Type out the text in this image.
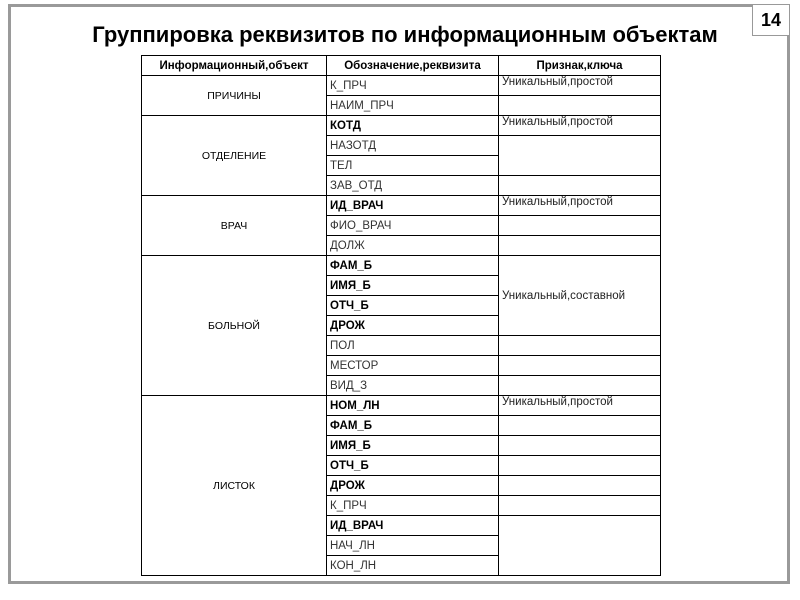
Группировка реквизитов по информационным объектам
14
Информационный,объект	Обозначение,реквизита	Признак,ключа
ПРИЧИНЫ	К_ПРЧ	Уникальный,простой
	НАИМ_ПРЧ	
ОТДЕЛЕНИЕ	КОТД	Уникальный,простой
	НАЗОТД	
	ТЕЛ	
	ЗАВ_ОТД	
ВРАЧ	ИД_ВРАЧ	Уникальный,простой
	ФИО_ВРАЧ	
	ДОЛЖ	
БОЛЬНОЙ	ФАМ_Б	Уникальный,составной
	ИМЯ_Б	
	ОТЧ_Б	
	ДРОЖ	
	ПОЛ	
	МЕСТОР	
	ВИД_З	
ЛИСТОК	НОМ_ЛН	Уникальный,простой
	ФАМ_Б	
	ИМЯ_Б	
	ОТЧ_Б	
	ДРОЖ	
	К_ПРЧ	
	ИД_ВРАЧ	
	НАЧ_ЛН	
	КОН_ЛН	
